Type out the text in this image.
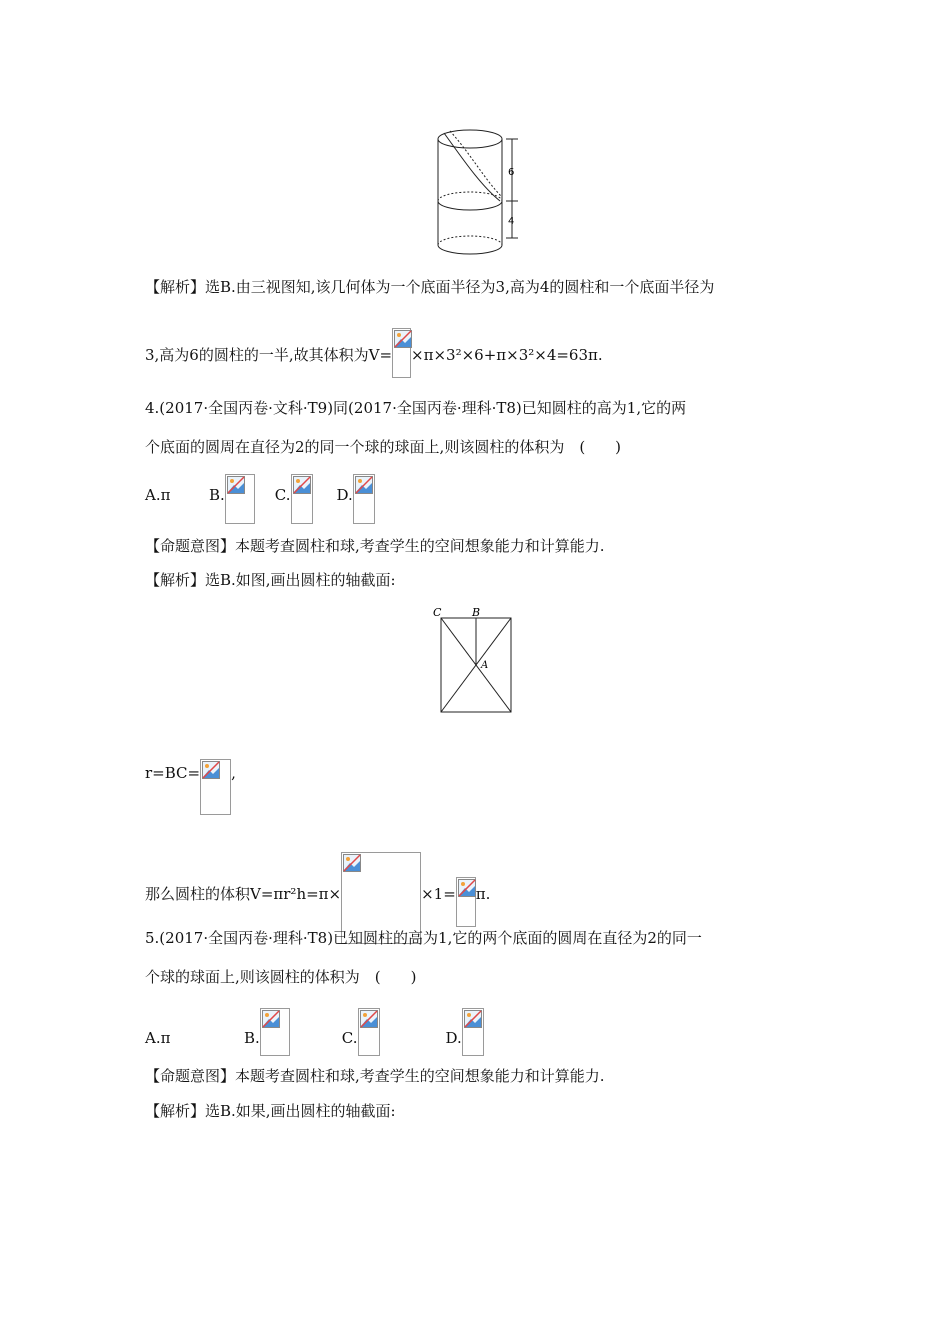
6
4
【解析】选B.由三视图知,该几何体为一个底面半径为3,高为4的圆柱和一个底面半径为
3,高为6的圆柱的一半,故其体积为V= ×π×3²×6+π×3²×4=63π.
4.(2017·全国丙卷·文科·T9)同(2017·全国丙卷·理科·T8)已知圆柱的高为1,它的两
个底面的圆周在直径为2的同一个球的球面上,则该圆柱的体积为　(　　)
A.π	B.	C.	D.
【命题意图】本题考查圆柱和球,考查学生的空间想象能力和计算能力.
【解析】选B.如图,画出圆柱的轴截面:
C	B
A
r=BC= ,
那么圆柱的体积V=πr²h=π×	×1= π.
5.(2017·全国丙卷·理科·T8)已知圆柱的高为1,它的两个底面的圆周在直径为2的同一
个球的球面上,则该圆柱的体积为　(　　)
A.π	B.	C.	D.
【命题意图】本题考查圆柱和球,考查学生的空间想象能力和计算能力.
【解析】选B.如果,画出圆柱的轴截面:
